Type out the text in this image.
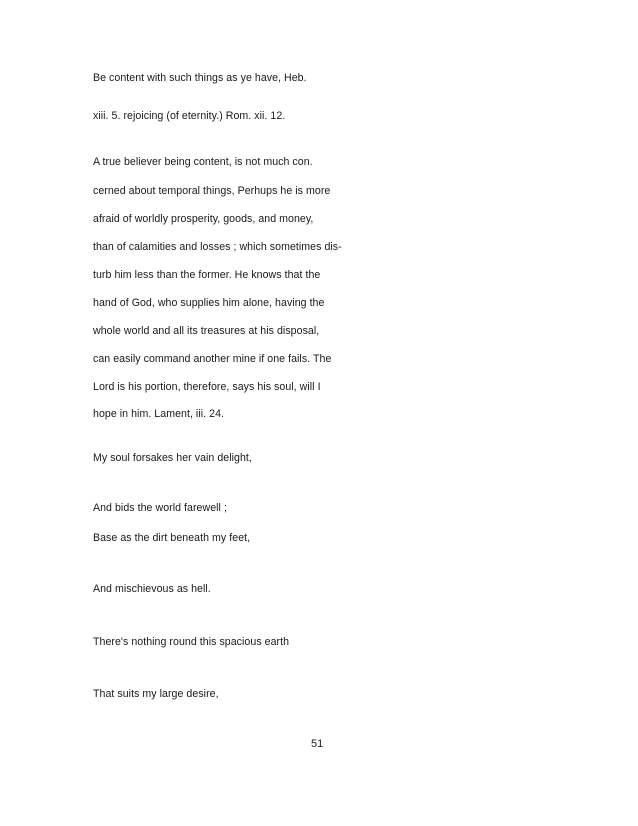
Be content with such things as ye have, Heb.
xiii. 5. rejoicing (of eternity.) Rom. xii. 12.
A true believer being content, is not much con.
cerned about temporal things, Perhups he is more
afraid of worldly prosperity, goods, and money,
than of calamities and losses ; which sometimes dis-
turb him less than the former. He knows that the
hand of God, who supplies him alone, having the
whole world and all its treasures at his disposal,
can easily command another mine if one fails. The
Lord is his portion, therefore, says his soul, will I
hope in him. Lament, iii. 24.
My soul forsakes her vain delight,
And bids the world farewell ;
Base as the dirt beneath my feet,
And mischievous as hell.
There's nothing round this spacious earth
That suits my large desire,
51
